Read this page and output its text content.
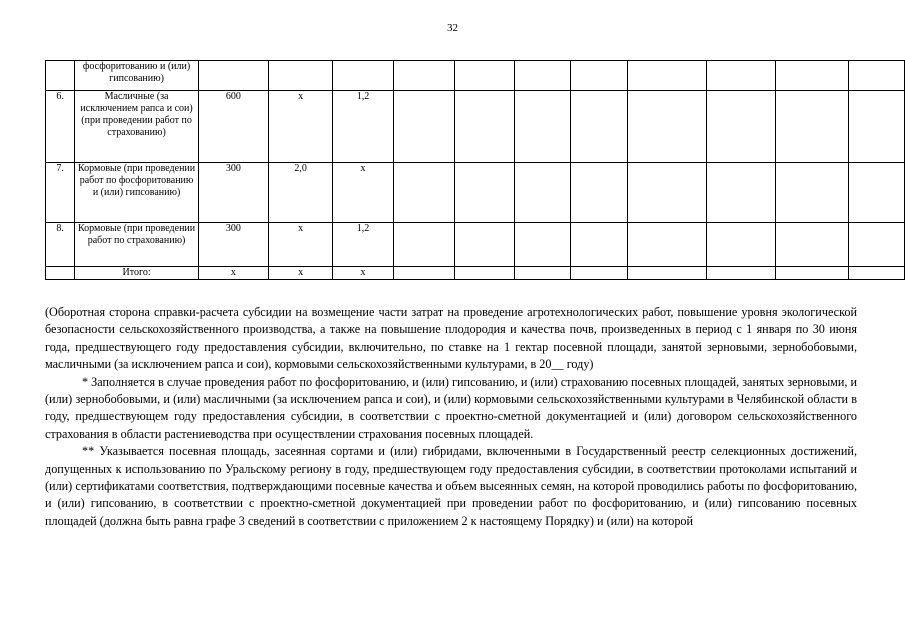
32
	фосфоритованию и (или) гипсованию)											
6.	Масличные (за исключением рапса и сои) (при проведении работ по страхованию)	600	х	1,2								
7.	Кормовые (при проведении работ по фосфоритованию и (или) гипсованию)	300	2,0	х								
8.	Кормовые (при проведении работ по страхованию)	300	х	1,2								
	Итого:	х	х	х								

(Оборотная сторона справки-расчета субсидии на возмещение части затрат на проведение агротехнологических работ, повышение уровня экологической безопасности сельскохозяйственного производства, а также на повышение плодородия и качества почв, произведенных в период с 1 января по 30 июня года, предшествующего году предоставления субсидии, включительно, по ставке на 1 гектар посевной площади, занятой зерновыми, зернобобовыми, масличными (за исключением рапса и сои), кормовыми сельскохозяйственными культурами, в 20__ году)

* Заполняется в случае проведения работ по фосфоритованию, и (или) гипсованию, и (или) страхованию посевных площадей, занятых зерновыми, и (или) зернобобовыми, и (или) масличными (за исключением рапса и сои), и (или) кормовыми сельскохозяйственными культурами в Челябинской области в году, предшествующем году предоставления субсидии, в соответствии с проектно-сметной документацией и (или) договором сельскохозяйственного страхования в области растениеводства при осуществлении страхования посевных площадей.

** Указывается посевная площадь, засеянная сортами и (или) гибридами, включенными в Государственный реестр селекционных достижений, допущенных к использованию по Уральскому региону в году, предшествующем году предоставления субсидии, в соответствии протоколами испытаний и (или) сертификатами соответствия, подтверждающими посевные качества и объем высеянных семян, на которой проводились работы по фосфоритованию, и (или) гипсованию, в соответствии с проектно-сметной документацией при проведении работ по фосфоритованию, и (или) гипсованию посевных площадей (должна быть равна графе 3 сведений в соответствии с приложением 2 к настоящему Порядку) и (или) на которой
